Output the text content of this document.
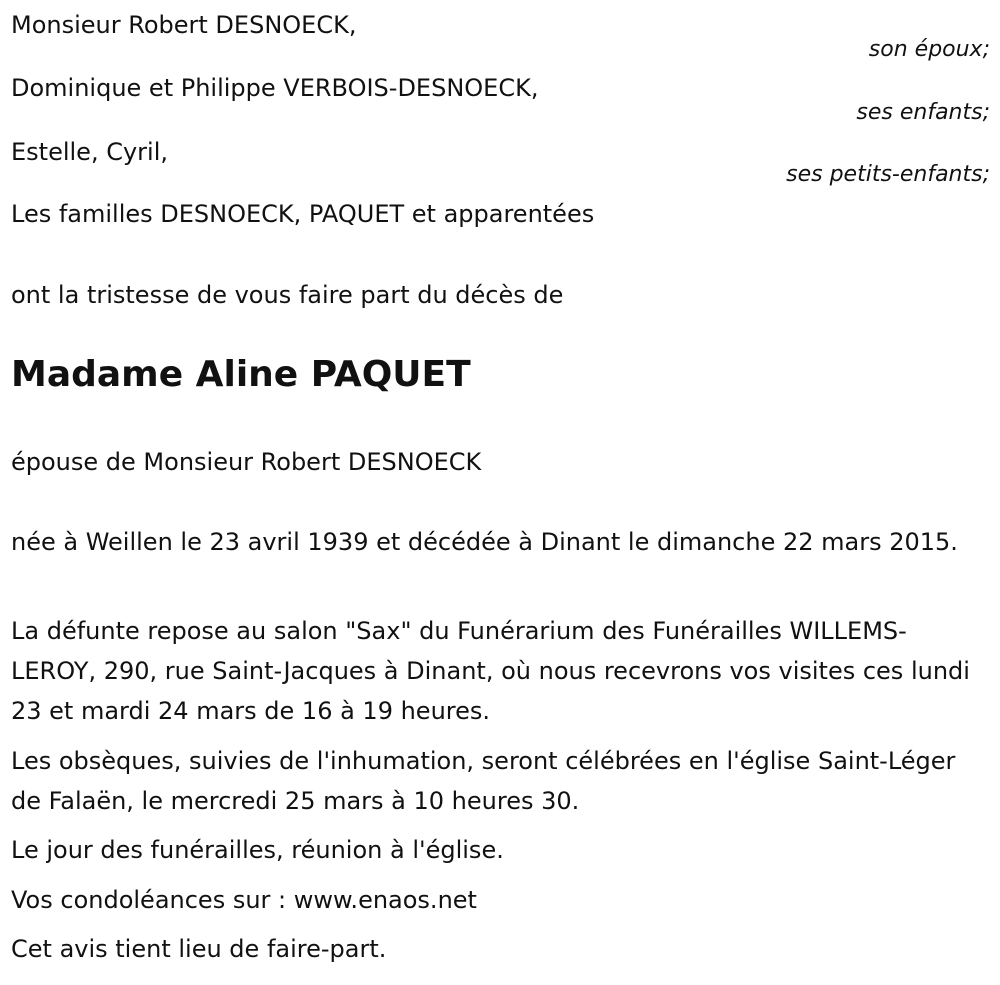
Monsieur Robert DESNOECK,
son époux;
Dominique et Philippe VERBOIS-DESNOECK,
ses enfants;
Estelle, Cyril,
ses petits-enfants;
Les familles DESNOECK, PAQUET et apparentées
ont la tristesse de vous faire part du décès de
Madame Aline PAQUET
épouse de Monsieur Robert DESNOECK
née à Weillen le 23 avril 1939 et décédée à Dinant le dimanche 22 mars 2015.
La défunte repose au salon "Sax" du Funérarium des Funérailles WILLEMS-LEROY, 290, rue Saint-Jacques à Dinant, où nous recevrons vos visites ces lundi 23 et mardi 24 mars de 16 à 19 heures.
Les obsèques, suivies de l'inhumation, seront célébrées en l'église Saint-Léger de Falaën, le mercredi 25 mars à 10 heures 30.
Le jour des funérailles, réunion à l'église.
Vos condoléances sur : www.enaos.net
Cet avis tient lieu de faire-part.
